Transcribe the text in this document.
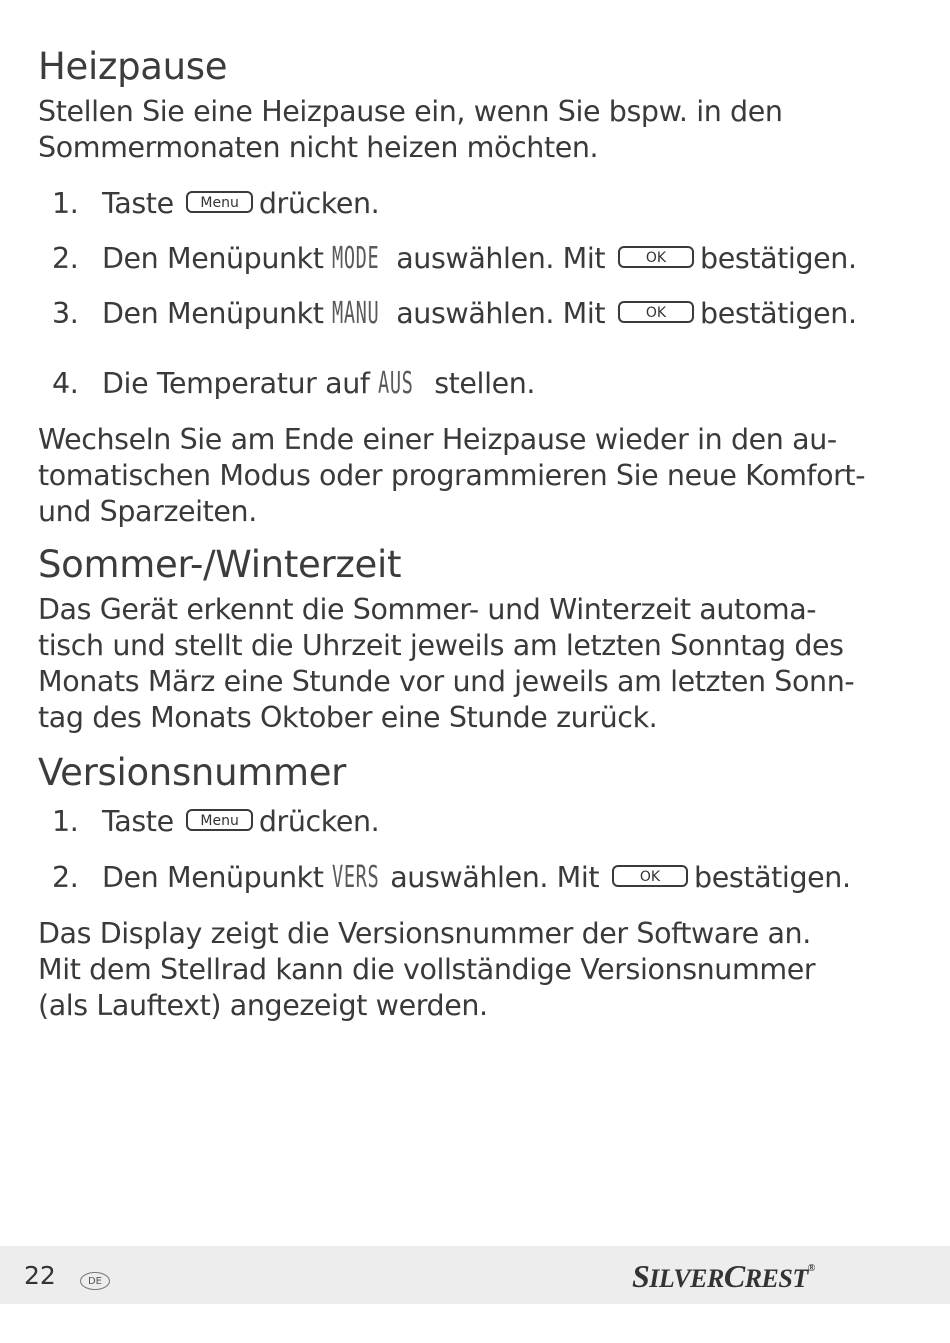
Heizpause

Stellen Sie eine Heizpause ein, wenn Sie bspw. in den

Sommermonaten nicht heizen möchten.

1. Taste Menu drücken.
2. Den Menüpunkt MODE auswählen. Mit	OK bestätigen.
3. Den Menüpunkt MANU auswählen. Mit	OK bestätigen.
4. Die Temperatur auf AUS stellen.

Wechseln Sie am Ende einer Heizpause wieder in den au-

tomatischen Modus oder programmieren Sie neue Komfort-

und Sparzeiten.

Sommer-/Winterzeit

Das Gerät erkennt die Sommer- und Winterzeit automa-

tisch und stellt die Uhrzeit jeweils am letzten Sonntag des

Monats März eine Stunde vor und jeweils am letzten Sonn-

tag des Monats Oktober eine Stunde zurück.

Versionsnummer
1. Taste Menu drücken.
2. Den Menüpunkt VERS auswählen. Mit	OK bestätigen.

Das Display zeigt die Versionsnummer der Software an.

Mit dem Stellrad kann die vollständige Versionsnummer

(als Lauftext) angezeigt werden.

22	SILVERCREST®
DE
